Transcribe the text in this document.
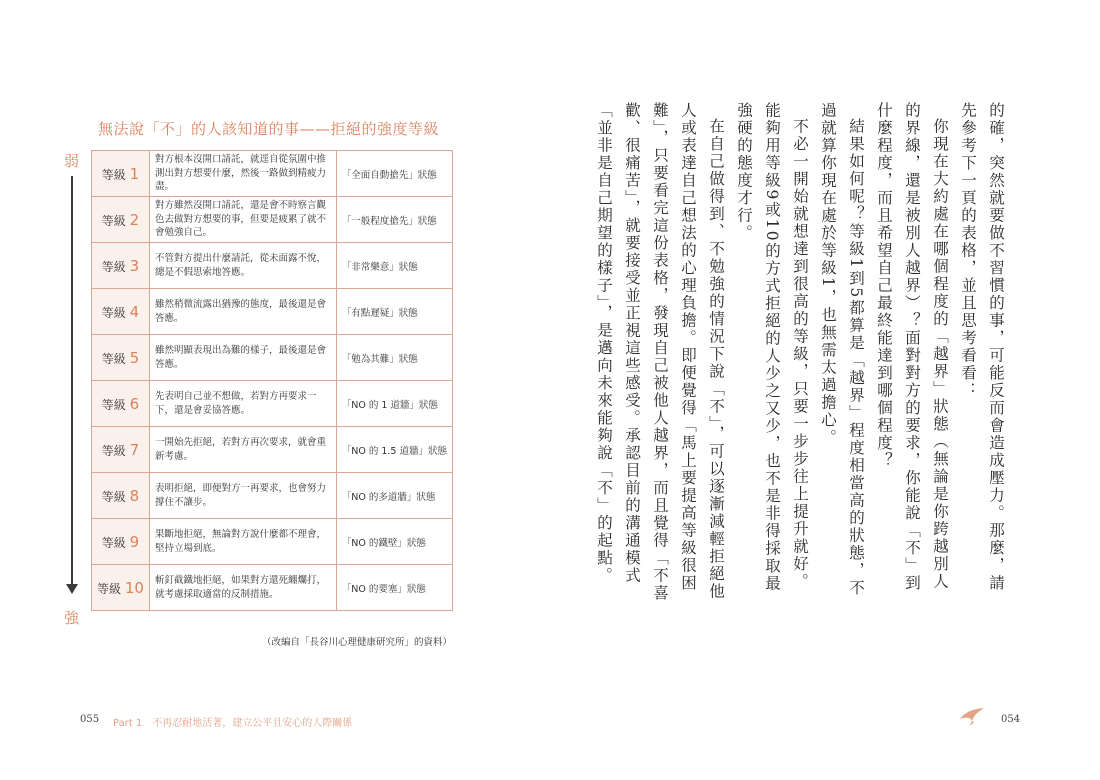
無法說「不」的人該知道的事——拒絕的強度等級
弱
強
等級 1	對方根本沒開口請託，就逕自從氛圍中推測出對方想要什麼，然後一路做到精疲力盡。	「全面自動搶先」狀態
等級 2	對方雖然沒開口請託，還是會不時察言觀色去做對方想要的事，但要是疲累了就不會勉強自己。	「一般程度搶先」狀態
等級 3	不管對方提出什麼請託，從未面露不悅，總是不假思索地答應。	「非常樂意」狀態
等級 4	雖然稍微流露出猶豫的態度，最後還是會答應。	「有點遲疑」狀態
等級 5	雖然明顯表現出為難的樣子，最後還是會答應。	「勉為其難」狀態
等級 6	先表明自己並不想做，若對方再要求一下，還是會妥協答應。	「NO 的 1 道牆」狀態
等級 7	一開始先拒絕，若對方再次要求，就會重新考慮。	「NO 的 1.5 道牆」狀態
等級 8	表明拒絕，即便對方一再要求，也會努力撐住不讓步。	「NO 的多道牆」狀態
等級 9	果斷地拒絕，無論對方說什麼都不理會，堅持立場到底。	「NO 的鐵壁」狀態
等級 10	斬釘截鐵地拒絕，如果對方還死纏爛打，就考慮採取適當的反制措施。	「NO 的要塞」狀態
（改編自「長谷川心理健康研究所」的資料）
055 Part 1　不再忍耐地活著，建立公平且安心的人際關係

的確，突然就要做不習慣的事，可能反而會造成壓力。那麼，請先參考下一頁的表格，並且思考看看：

你現在大約處在哪個程度的「越界」狀態（無論是你跨越別人的界線，還是被別人越界）？面對對方的要求，你能說「不」到什麼程度，而且希望自己最終能達到哪個程度？

結果如何呢？等級1到5都算是「越界」程度相當高的狀態，不過就算你現在處於等級1，也無需太過擔心。

不必一開始就想達到很高的等級，只要一步步往上提升就好。能夠用等級9或10的方式拒絕的人少之又少，也不是非得採取最強硬的態度才行。

在自己做得到、不勉強的情況下說「不」，可以逐漸減輕拒絕他人或表達自己想法的心理負擔。即便覺得「馬上要提高等級很困難」，只要看完這份表格，發現自己被他人越界，而且覺得「不喜歡、很痛苦」，就要接受並正視這些感受。承認目前的溝通模式「並非是自己期望的樣子」，是邁向未來能夠說「不」的起點。

054
